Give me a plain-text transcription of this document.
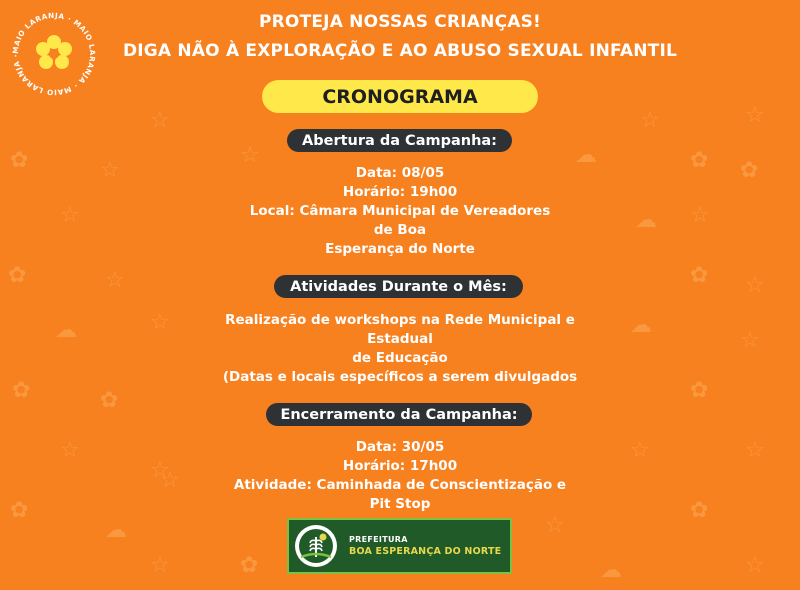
✿
☆
✿
☁
✿
☆
✿
☆
☆
☆
✿
☆
☁
☆
☆
☆	☁
☆
✿
☆
☆
✿
☁
✿ ☆
☁
✿
☆
☆
☆
✿
☆
☁	☆
✿
☆
MAIO LARANJA · MAIO LARANJA · MAIO LARANJA ·
PROTEJA NOSSAS CRIANÇAS!
DIGA NÃO À EXPLORAÇÃO E AO ABUSO SEXUAL INFANTIL
CRONOGRAMA
Abertura da Campanha:
Data: 08/05
Horário: 19h00
Local: Câmara Municipal de Vereadores
de Boa
Esperança do Norte
Atividades Durante o Mês:
Realização de workshops na Rede Municipal e
Estadual
de Educação
(Datas e locais específicos a serem divulgados
Encerramento da Campanha:
Data: 30/05
Horário: 17h00
Atividade: Caminhada de Conscientização e
Pit Stop
PREFEITURA
BOA ESPERANÇA DO NORTE
